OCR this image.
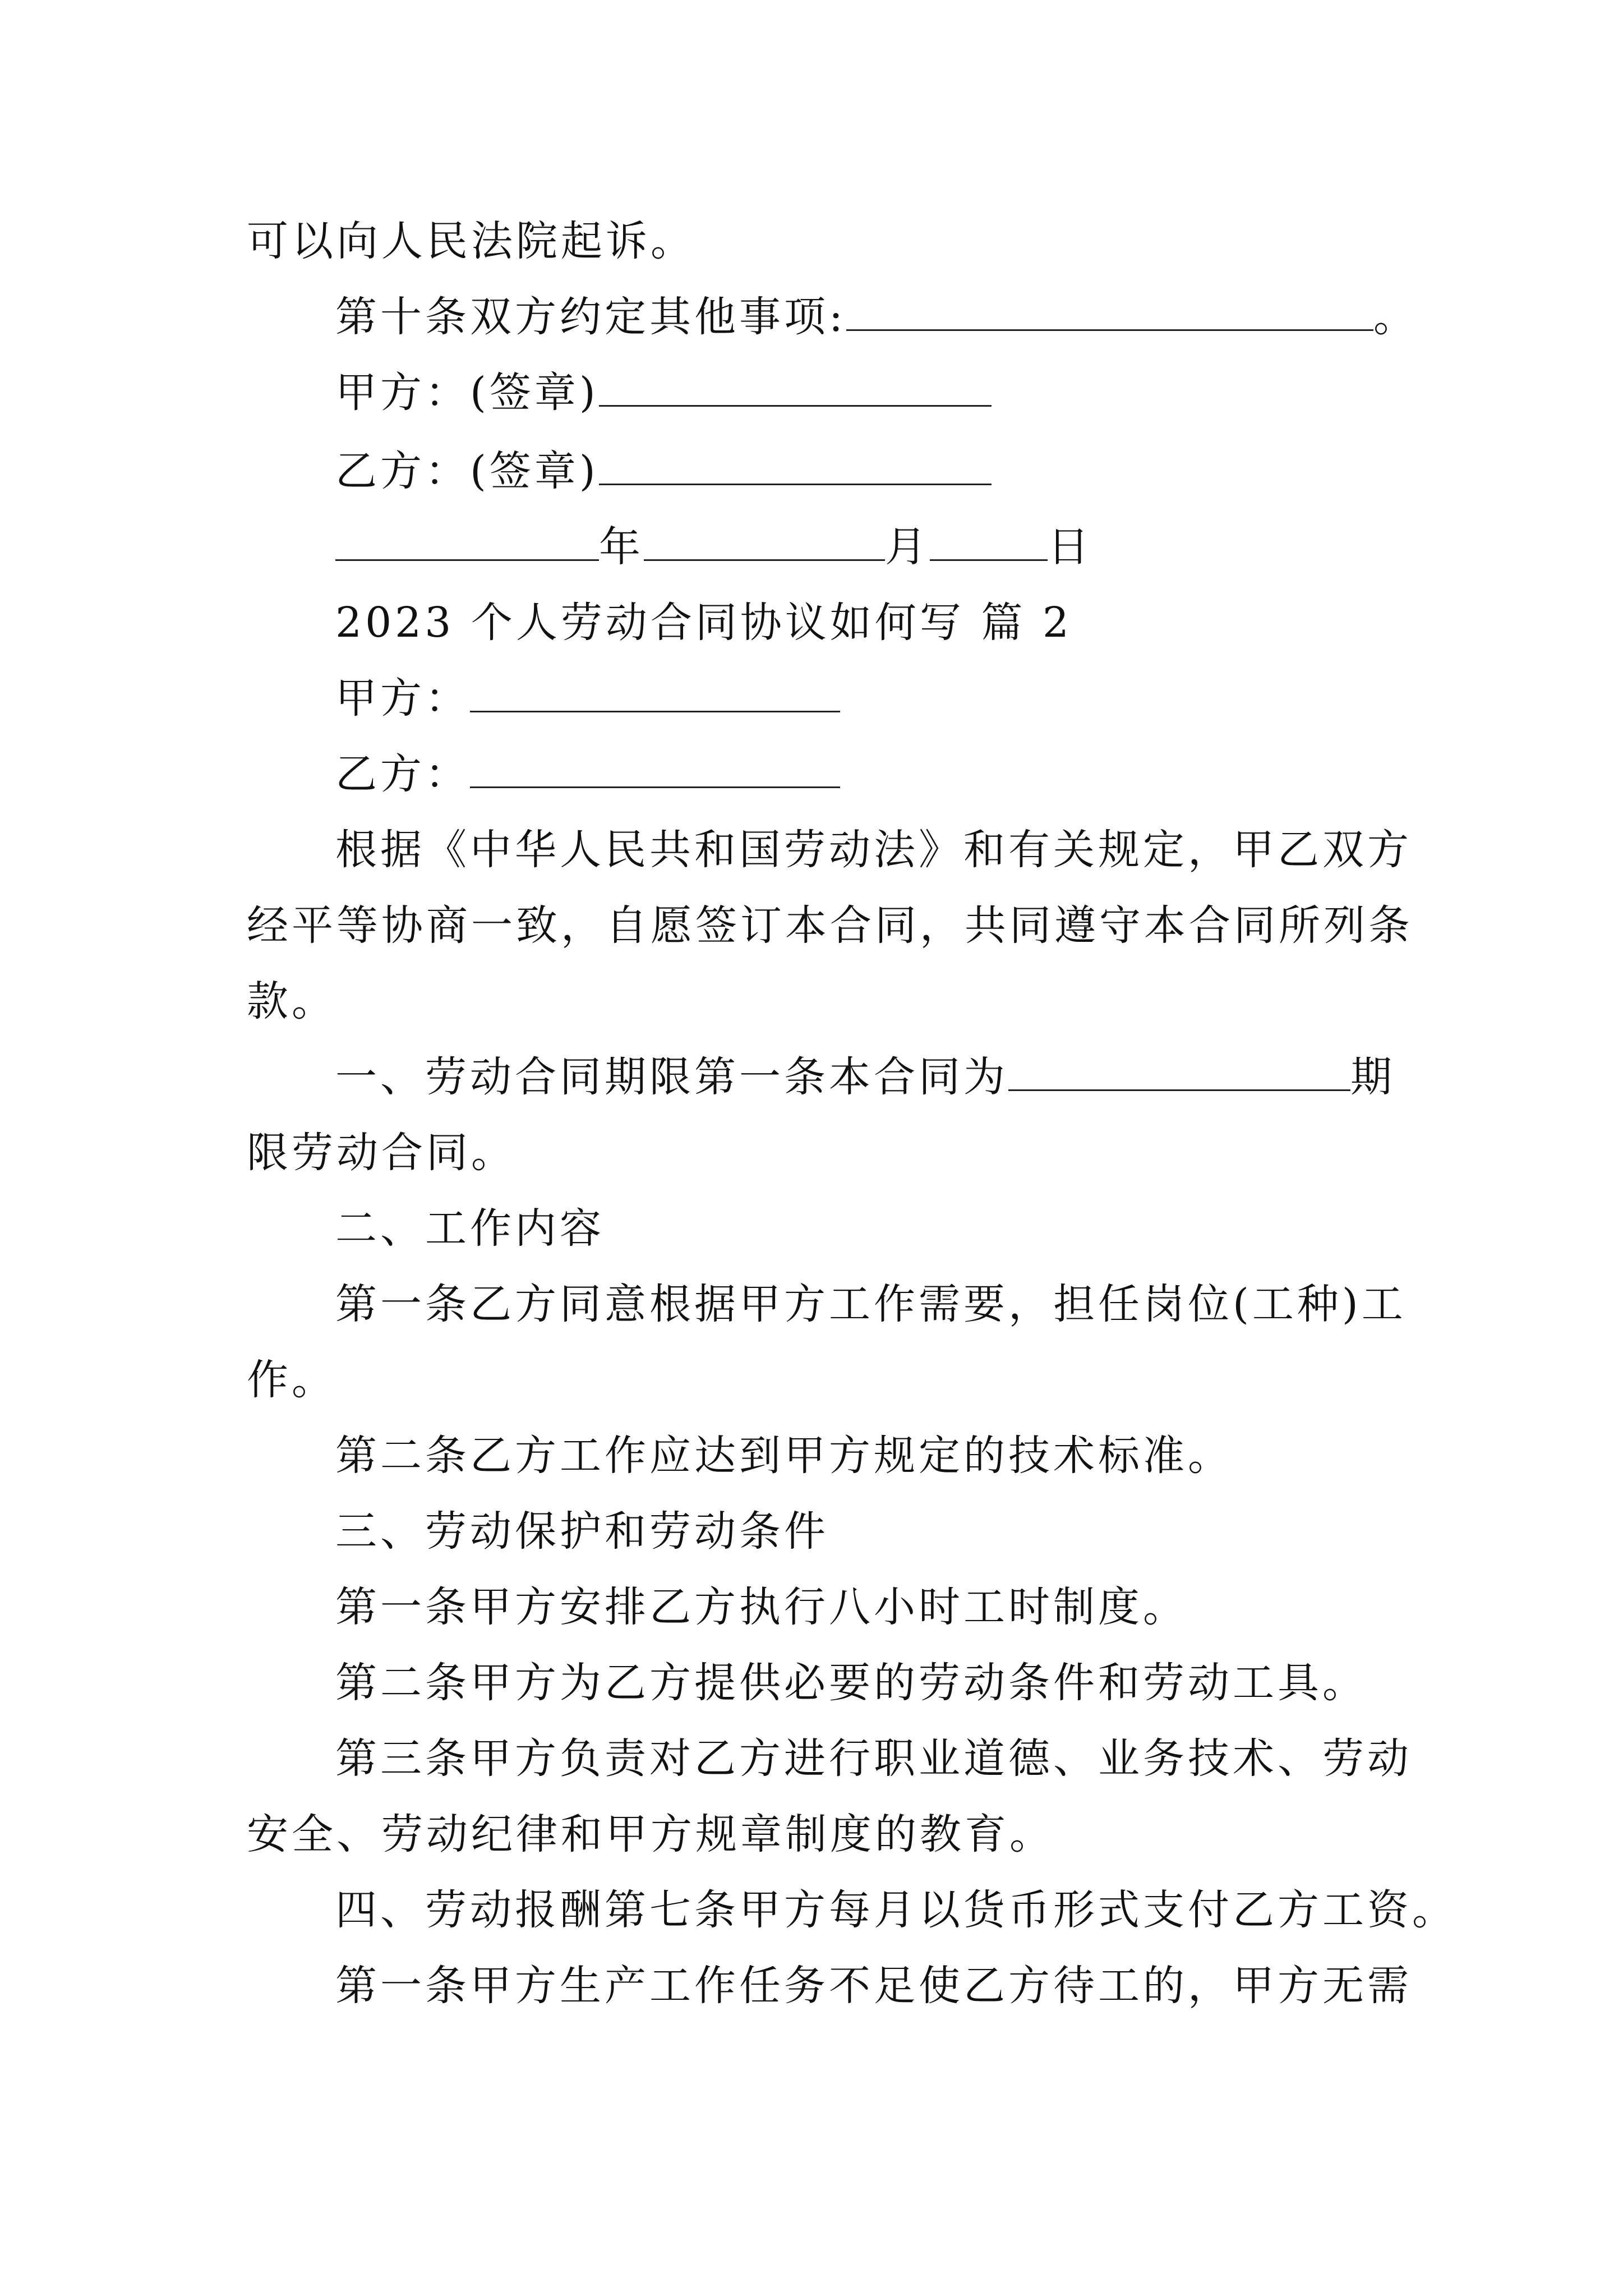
可以向人民法院起诉。
第十条双方约定其他事项:	。
甲方：(签章)
乙方：(签章)
年	月	日
2023 个人劳动合同协议如何写 篇 2
甲方：
乙方：
根据《中华人民共和国劳动法》和有关规定，甲乙双方
经平等协商一致，自愿签订本合同，共同遵守本合同所列条
款。
一、劳动合同期限第一条本合同为	期
限劳动合同。
二、工作内容
第一条乙方同意根据甲方工作需要，担任岗位(工种)工
作。
第二条乙方工作应达到甲方规定的技术标准。
三、劳动保护和劳动条件
第一条甲方安排乙方执行八小时工时制度。
第二条甲方为乙方提供必要的劳动条件和劳动工具。
第三条甲方负责对乙方进行职业道德、业务技术、劳动
安全、劳动纪律和甲方规章制度的教育。
四、劳动报酬第七条甲方每月以货币形式支付乙方工资。
第一条甲方生产工作任务不足使乙方待工的，甲方无需
